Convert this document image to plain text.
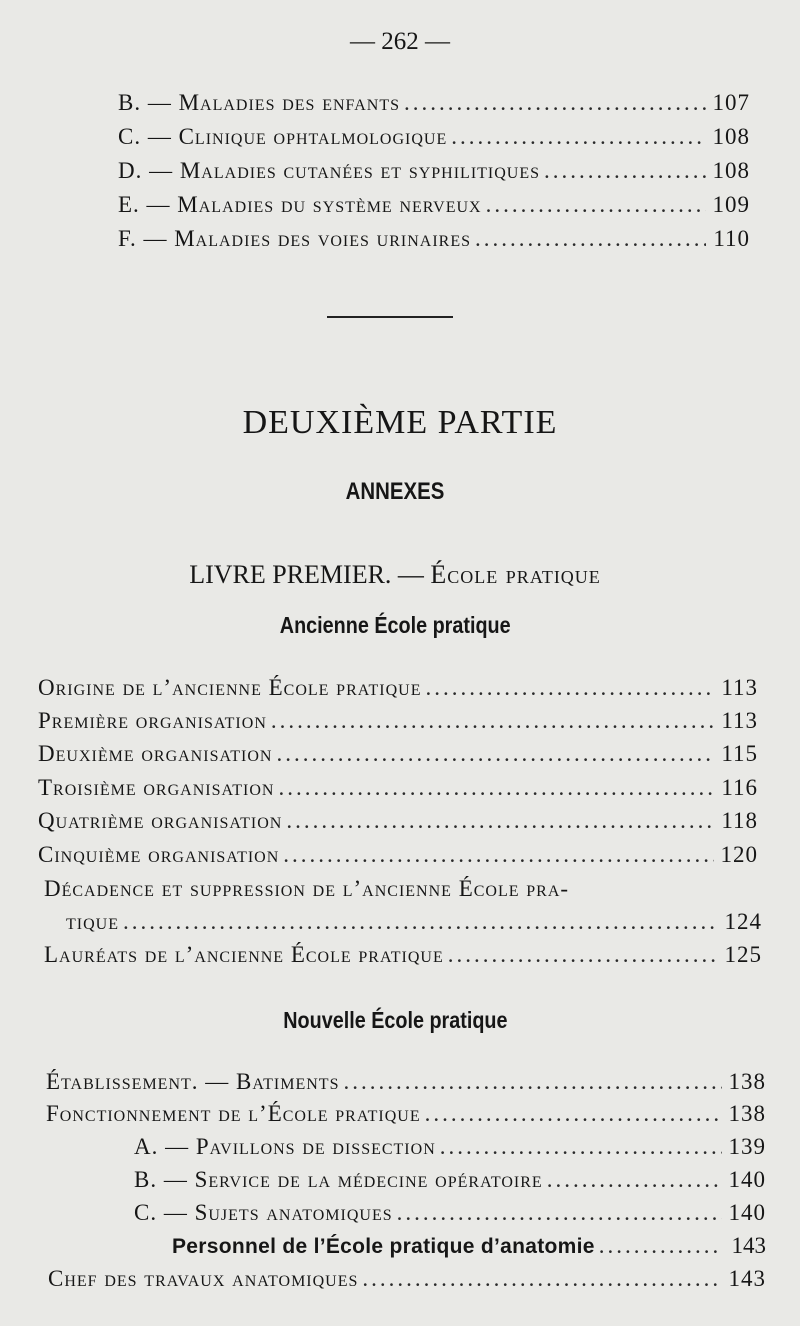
— 262 —
B. — Maladies des enfants .....	107
C. — Clinique ophtalmologique .....	108
D. — Maladies cutanées et syphilitiques .....	108
E. — Maladies du système nerveux .....	109
F. — Maladies des voies urinaires .....	110
DEUXIÈME PARTIE
ANNEXES
LIVRE PREMIER. — École pratique
Ancienne École pratique
Origine de l’ancienne École pratique .....	113
Première organisation .....	113
Deuxième organisation .....	115
Troisième organisation .....	116
Quatrième organisation .....	118
Cinquième organisation .....	120
Décadence et suppression de l’ancienne École pra-
tique .....	124
Lauréats de l’ancienne École pratique .....	125
Nouvelle École pratique
Établissement. — Batiments .....	138
Fonctionnement de l’École pratique .....	138
A. — Pavillons de dissection .....	139
B. — Service de la médecine opératoire .....	140
C. — Sujets anatomiques .....	140
Personnel de l’École pratique d’anatomie .....	143
Chef des travaux anatomiques .....	143
